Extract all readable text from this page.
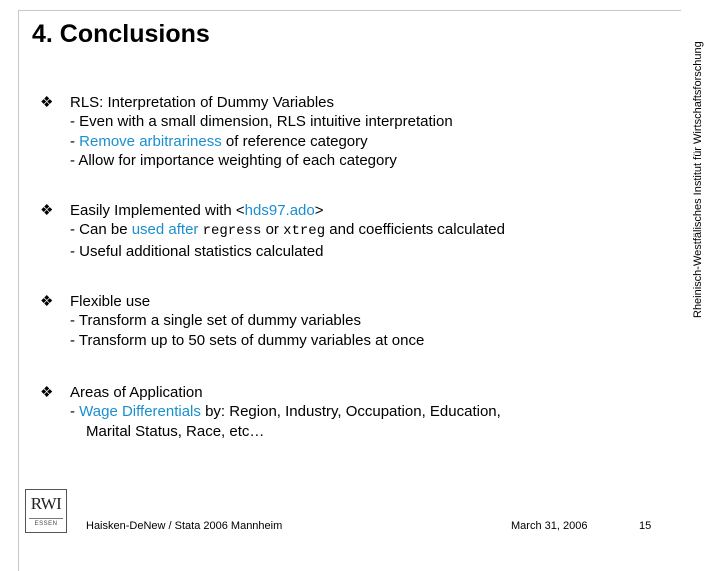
Rheinisch-Westfälisches Institut für Wirtschaftsforschung
4. Conclusions
❖	RLS: Interpretation of Dummy Variables
- Even with a small dimension, RLS intuitive interpretation
- Remove arbitrariness of reference category
- Allow for importance weighting of each category
❖	Easily Implemented with <hds97.ado>
- Can be used after regress or xtreg and coefficients calculated
- Useful additional statistics calculated
❖	Flexible use
- Transform a single set of dummy variables
- Transform up to 50 sets of dummy variables at once
❖	Areas of Application
- Wage Differentials by: Region, Industry, Occupation, Education,
Marital Status, Race, etc…
RWI
ESSEN	Haisken-DeNew / Stata 2006 Mannheim	March 31, 2006	15
